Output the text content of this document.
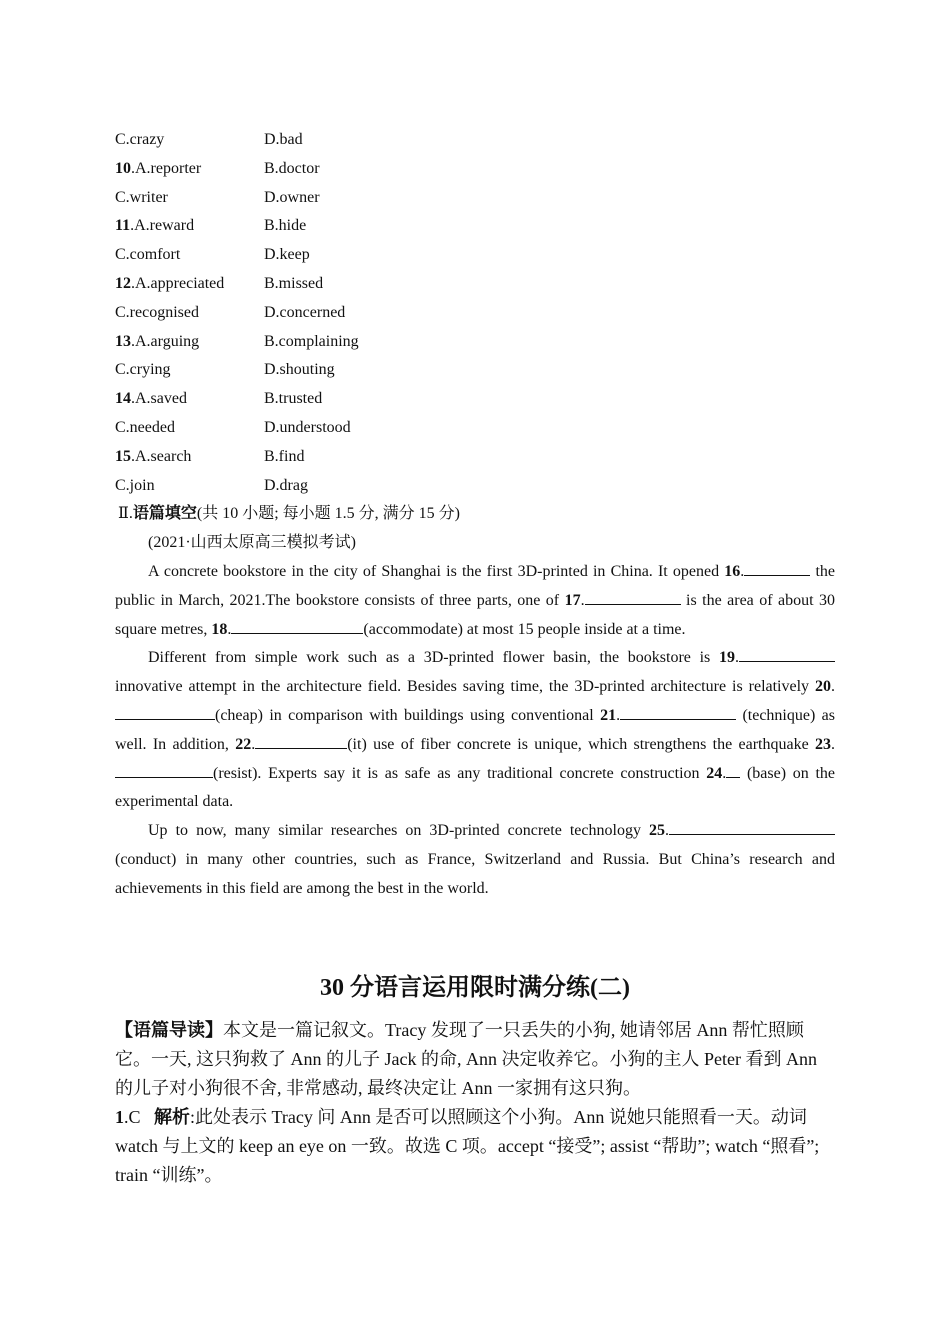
C.crazy	D.bad
10.A.reporter	B.doctor
C.writer	D.owner
11.A.reward	B.hide
C.comfort	D.keep
12.A.appreciated B.missed
C.recognised	D.concerned
13.A.arguing	B.complaining
C.crying	D.shouting
14.A.saved	B.trusted
C.needed	D.understood
15.A.search	B.find
C.join	D.drag
Ⅱ.语篇填空(共 10 小题; 每小题 1.5 分, 满分 15 分)
(2021·山西太原高三模拟考试)

A concrete bookstore in the city of Shanghai is the first 3D-printed in China. It opened 16.	the public in March, 2021.The bookstore consists of three parts, one of 17.	is the area of about 30 square metres, 18.	(accommodate) at most 15 people inside at a time.

Different from simple work such as a 3D-printed flower basin, the bookstore is 19. innovative attempt in the architecture field. Besides saving time, the 3D-printed architecture is relatively 20.(cheap) in comparison with buildings using conventional 21.	(technique) as well. In addition, 22.	(it) use of fiber concrete is unique, which strengthens the earthquake 23.(resist). Experts say it is as safe as any traditional concrete construction 24. (base) on the experimental data.

Up to now, many similar researches on 3D-printed concrete technology 25. (conduct) in many other countries, such as France, Switzerland and Russia. But China’s research and achievements in this field are among the best in the world.

30 分语言运用限时满分练(二)

【语篇导读】本文是一篇记叙文。Tracy 发现了一只丢失的小狗, 她请邻居 Ann 帮忙照顾它。一天, 这只狗救了 Ann 的儿子 Jack 的命, Ann 决定收养它。小狗的主人 Peter 看到 Ann 的儿子对小狗很不舍, 非常感动, 最终决定让 Ann 一家拥有这只狗。

1.C 解析:此处表示 Tracy 问 Ann 是否可以照顾这个小狗。Ann 说她只能照看一天。动词 watch 与上文的 keep an eye on 一致。故选 C 项。accept “接受”; assist “帮助”; watch “照看”; train “训练”。
